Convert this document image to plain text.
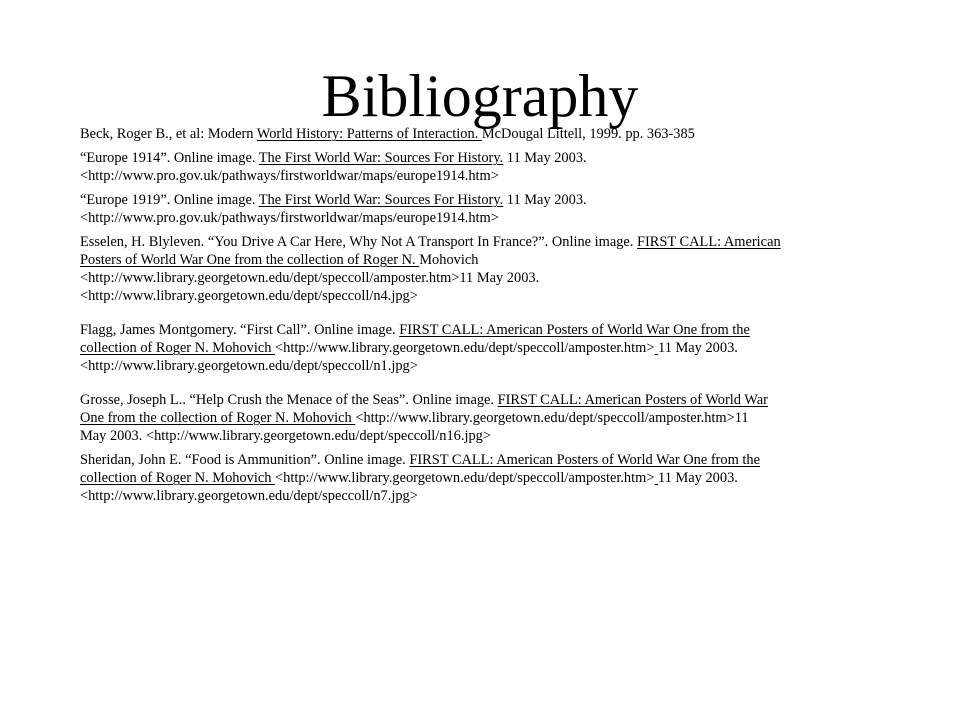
Bibliography

Beck, Roger B., et al: Modern World History: Patterns of Interaction. McDougal Littell, 1999. pp. 363-385

“Europe 1914”. Online image. The First World War: Sources For History. 11 May 2003.
<http://www.pro.gov.uk/pathways/firstworldwar/maps/europe1914.htm>

“Europe 1919”. Online image. The First World War: Sources For History. 11 May 2003.
<http://www.pro.gov.uk/pathways/firstworldwar/maps/europe1914.htm>

Esselen, H. Blyleven. “You Drive A Car Here, Why Not A Transport In France?”. Online image. FIRST CALL: American
Posters of World War One from the collection of Roger N. Mohovich
<http://www.library.georgetown.edu/dept/speccoll/amposter.htm>11 May 2003.
<http://www.library.georgetown.edu/dept/speccoll/n4.jpg>

Flagg, James Montgomery. “First Call”. Online image. FIRST CALL: American Posters of World War One from the
collection of Roger N. Mohovich <http://www.library.georgetown.edu/dept/speccoll/amposter.htm> 11 May 2003.
<http://www.library.georgetown.edu/dept/speccoll/n1.jpg>

Grosse, Joseph L.. “Help Crush the Menace of the Seas”. Online image. FIRST CALL: American Posters of World War
One from the collection of Roger N. Mohovich <http://www.library.georgetown.edu/dept/speccoll/amposter.htm>11
May 2003. <http://www.library.georgetown.edu/dept/speccoll/n16.jpg>

Sheridan, John E. “Food is Ammunition”. Online image. FIRST CALL: American Posters of World War One from the
collection of Roger N. Mohovich <http://www.library.georgetown.edu/dept/speccoll/amposter.htm> 11 May 2003.
<http://www.library.georgetown.edu/dept/speccoll/n7.jpg>
